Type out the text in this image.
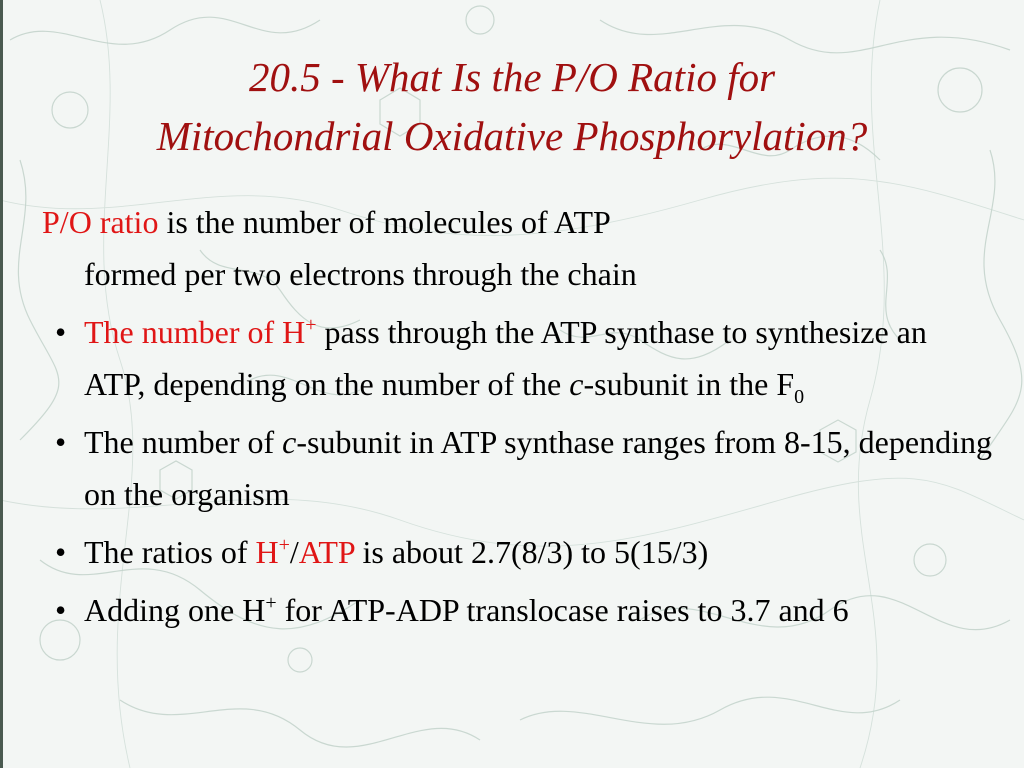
20.5 - What Is the P/O Ratio for
Mitochondrial Oxidative Phosphorylation?

P/O ratio is the number of molecules of ATP
formed per two electrons through the chain

• The number of H+ pass through the ATP synthase to synthesize an ATP, depending on the number of the c-subunit in the $F_0$
• The number of c-subunit in ATP synthase ranges from 8-15, depending on the organism
• The ratios of H+/ATP is about 2.7(8/3) to 5(15/3)
• Adding one H+ for ATP-ADP translocase raises to 3.7 and 6
